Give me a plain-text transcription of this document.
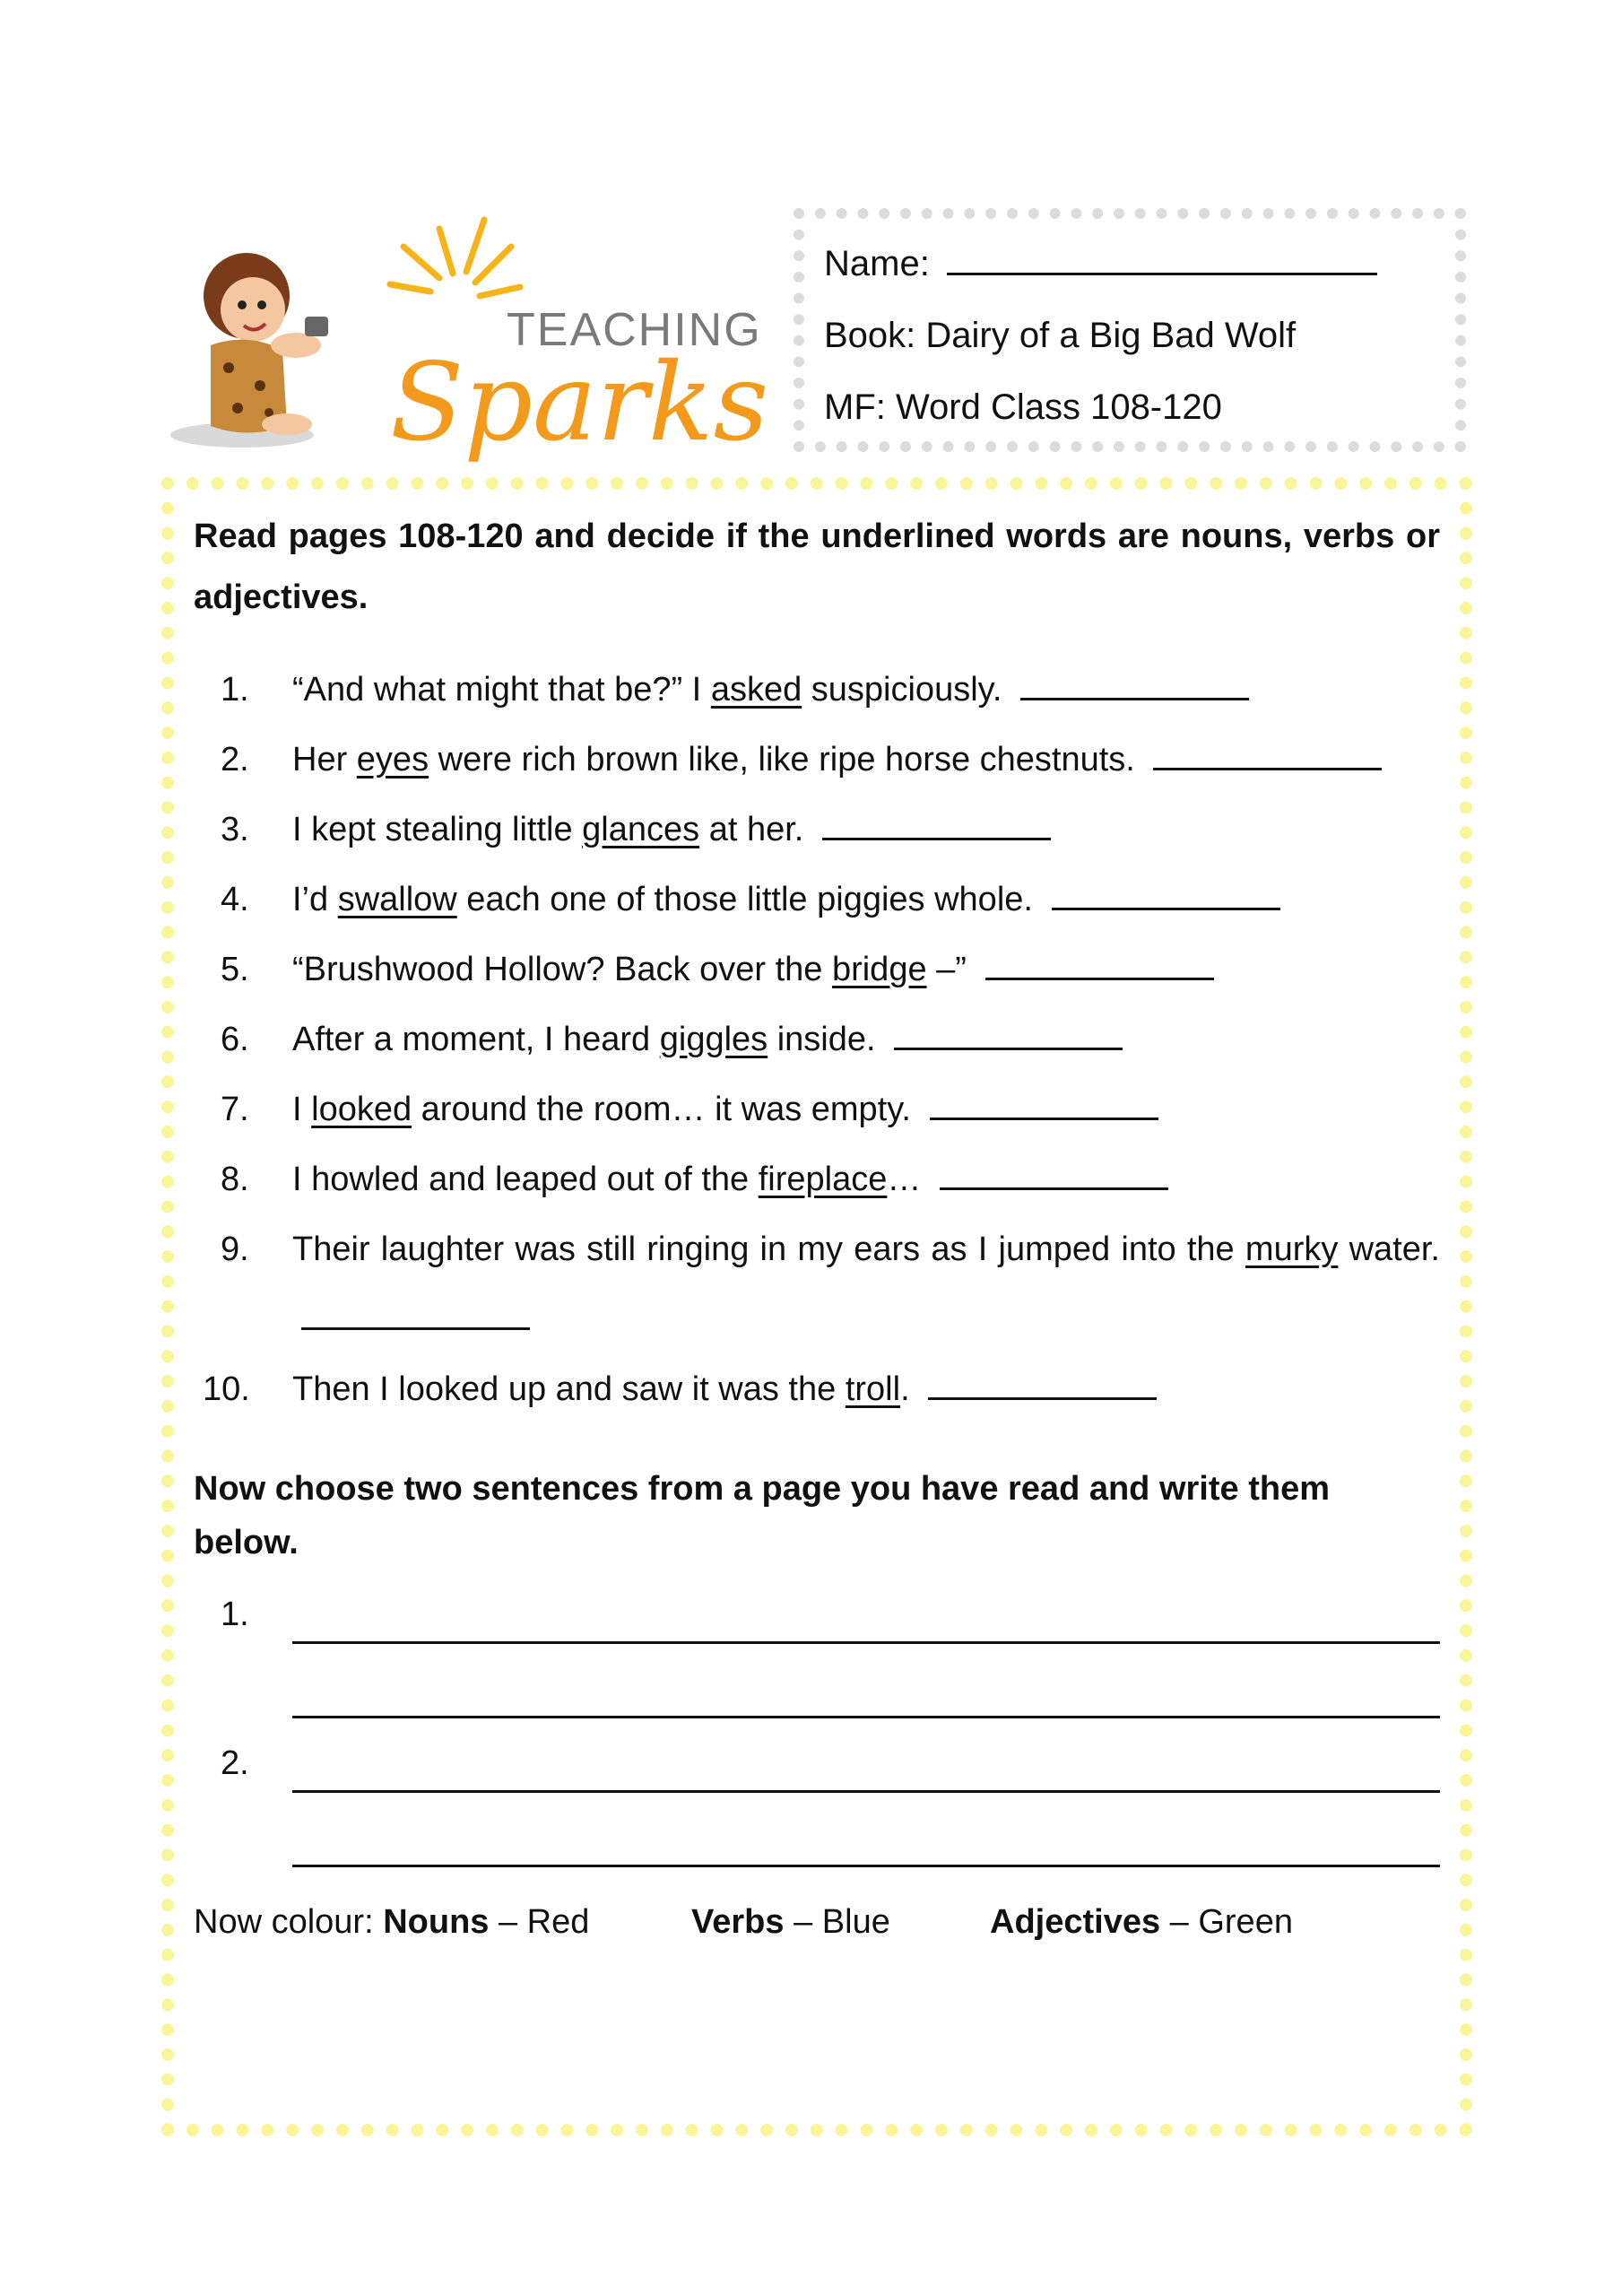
TEACHING
Sparks
Name:
Book: Dairy of a Big Bad Wolf
MF: Word Class 108-120

Read pages 108-120 and decide if the underlined words are nouns, verbs or adjectives.

1. “And what might that be?” I asked suspiciously.
2. Her eyes were rich brown like, like ripe horse chestnuts.
3. I kept stealing little glances at her.
4. I’d swallow each one of those little piggies whole.
5. “Brushwood Hollow? Back over the bridge –”
6. After a moment, I heard giggles inside.
7. I looked around the room… it was empty.
8. I howled and leaped out of the fireplace…
9. Their laughter was still ringing in my ears as I jumped into the murky water.
10. Then I looked up and saw it was the troll.
Now choose two sentences from a page you have read and write them below.
1.
2.
Now colour: Nouns – Red	Verbs – Blue	Adjectives – Green
